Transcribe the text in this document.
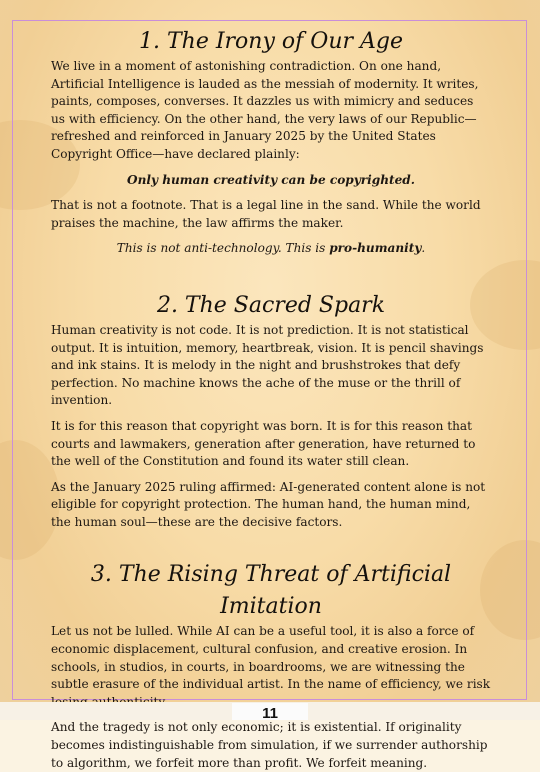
1. The Irony of Our Age

We live in a moment of astonishing contradiction. On one hand, Artificial Intelligence is lauded as the messiah of modernity. It writes, paints, composes, converses. It dazzles us with mimicry and seduces us with efficiency. On the other hand, the very laws of our Republic—refreshed and reinforced in January 2025 by the United States Copyright Office—have declared plainly:

Only human creativity can be copyrighted.

That is not a footnote. That is a legal line in the sand. While the world praises the machine, the law affirms the maker.

This is not anti-technology. This is pro-humanity.

2. The Sacred Spark

Human creativity is not code. It is not prediction. It is not statistical output. It is intuition, memory, heartbreak, vision. It is pencil shavings and ink stains. It is melody in the night and brushstrokes that defy perfection. No machine knows the ache of the muse or the thrill of invention.

It is for this reason that copyright was born. It is for this reason that courts and lawmakers, generation after generation, have returned to the well of the Constitution and found its water still clean.

As the January 2025 ruling affirmed: AI-generated content alone is not eligible for copyright protection. The human hand, the human mind, the human soul—these are the decisive factors.

3. The Rising Threat of Artificial Imitation

Let us not be lulled. While AI can be a useful tool, it is also a force of economic displacement, cultural confusion, and creative erosion. In schools, in studios, in courts, in boardrooms, we are witnessing the subtle erasure of the individual artist. In the name of efficiency, we risk

And the tragedy is not only economic; it is existential. If originality becomes indistinguishable from simulation, if we surrender authorship to algorithm, we forfeit more than profit. We forfeit meaning.

11
